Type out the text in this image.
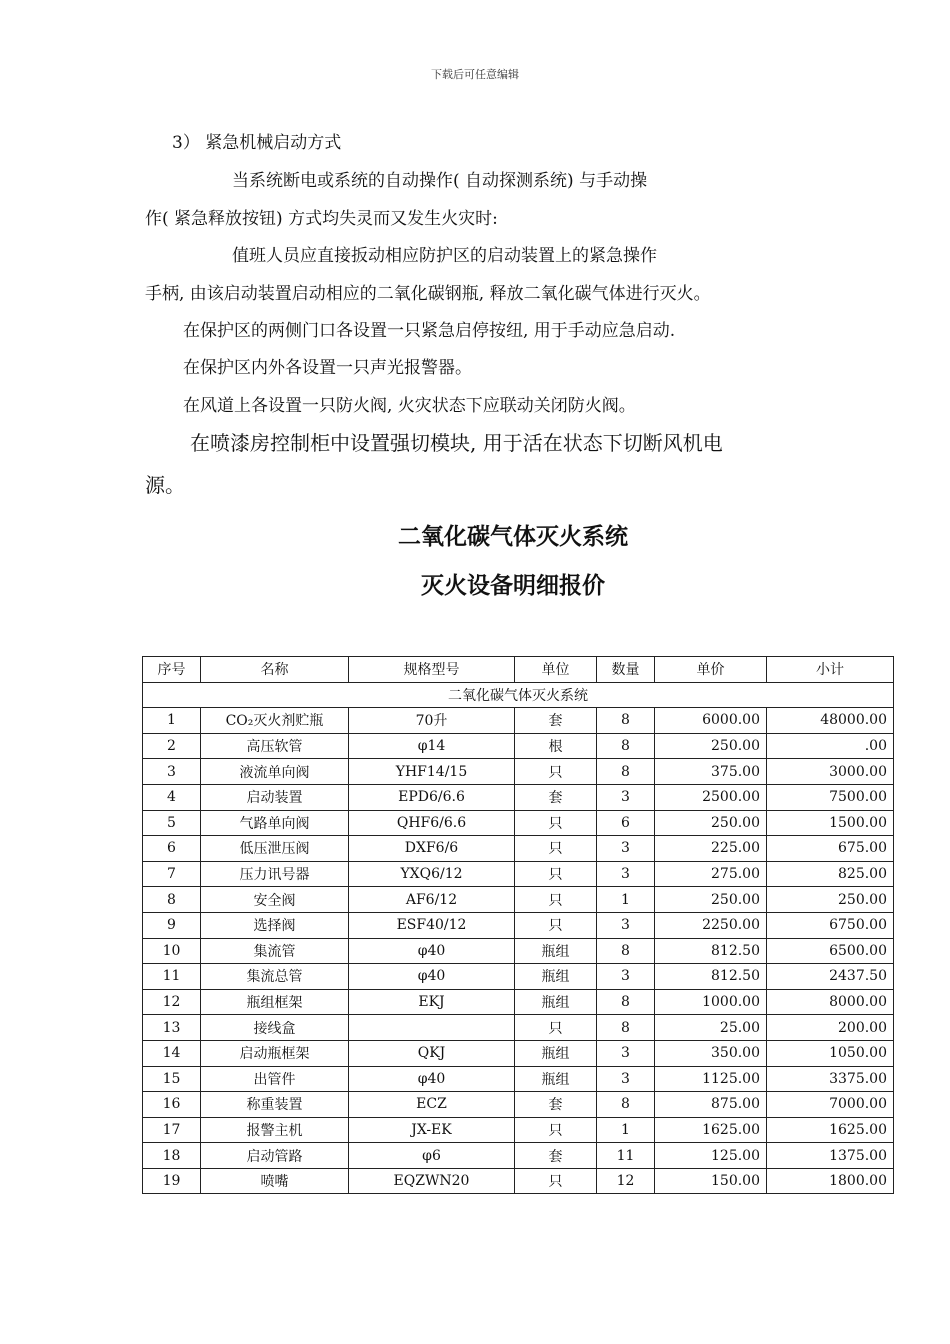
下载后可任意编辑
3） 紧急机械启动方式
当系统断电或系统的自动操作( 自动探测系统) 与手动操
作( 紧急释放按钮) 方式均失灵而又发生火灾时:
值班人员应直接扳动相应防护区的启动装置上的紧急操作
手柄, 由该启动装置启动相应的二氧化碳钢瓶, 释放二氧化碳气体进行灭火。
在保护区的两侧门口各设置一只紧急启停按纽, 用于手动应急启动.
在保护区内外各设置一只声光报警器。
在风道上各设置一只防火阀, 火灾状态下应联动关闭防火阀。
在喷漆房控制柜中设置强切模块, 用于活在状态下切断风机电
源。
二氧化碳气体灭火系统
灭火设备明细报价
序号	名称	规格型号	单位	数量	单价	小计
二氧化碳气体灭火系统						
1	CO₂灭火剂贮瓶	70升	套	8	6000.00	48000.00
2	高压软管	φ14	根	8	250.00	.00
3	液流单向阀	YHF14/15	只	8	375.00	3000.00
4	启动装置	EPD6/6.6	套	3	2500.00	7500.00
5	气路单向阀	QHF6/6.6	只	6	250.00	1500.00
6	低压泄压阀	DXF6/6	只	3	225.00	675.00
7	压力讯号器	YXQ6/12	只	3	275.00	825.00
8	安全阀	AF6/12	只	1	250.00	250.00
9	选择阀	ESF40/12	只	3	2250.00	6750.00
10	集流管	φ40	瓶组	8	812.50	6500.00
11	集流总管	φ40	瓶组	3	812.50	2437.50
12	瓶组框架	EKJ	瓶组	8	1000.00	8000.00
13	接线盒		只	8	25.00	200.00
14	启动瓶框架	QKJ	瓶组	3	350.00	1050.00
15	出管件	φ40	瓶组	3	1125.00	3375.00
16	称重装置	ECZ	套	8	875.00	7000.00
17	报警主机	JX-EK	只	1	1625.00	1625.00
18	启动管路	φ6	套	11	125.00	1375.00
19	喷嘴	EQZWN20	只	12	150.00	1800.00
